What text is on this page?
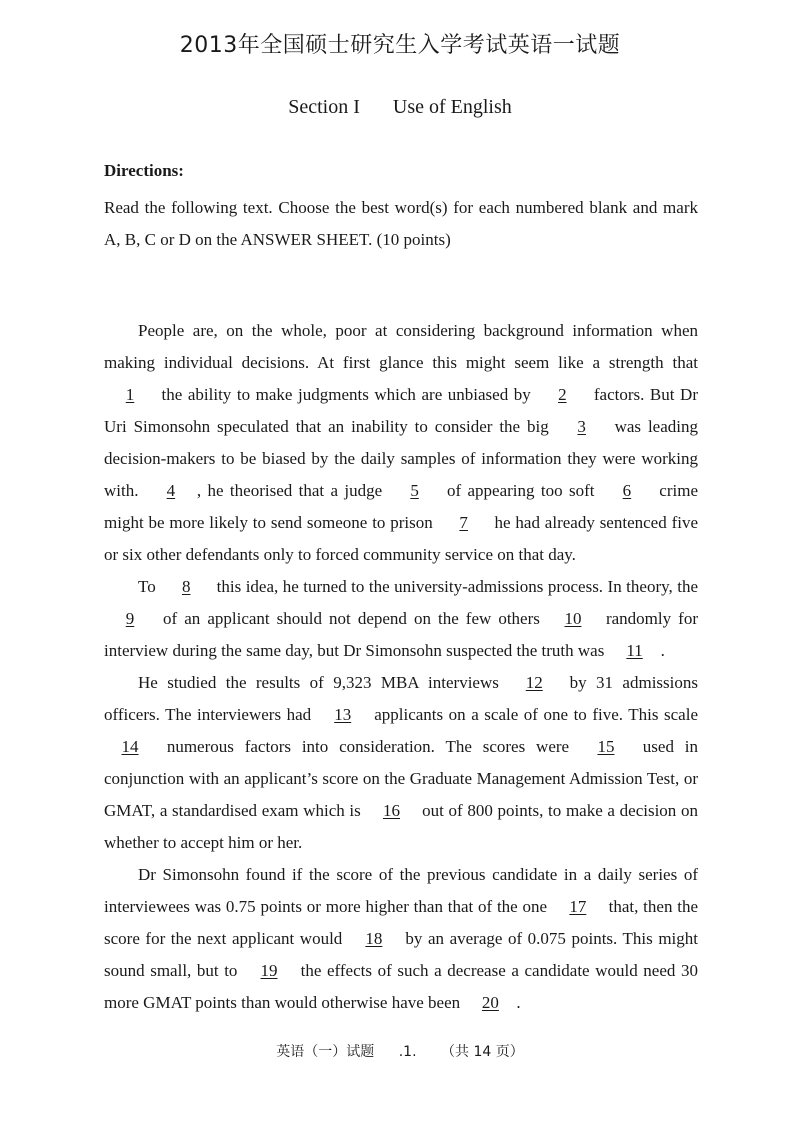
2013年全国硕士研究生入学考试英语一试题
Section I Use of English
Directions:

Read the following text. Choose the best word(s) for each numbered blank and mark A, B, C or D on the ANSWER SHEET. (10 points)

People are, on the whole, poor at considering background information when making individual decisions. At first glance this might seem like a strength that 1 the ability to make judgments which are unbiased by 2 factors. But Dr Uri Simonsohn speculated that an inability to consider the big 3 was leading decision-makers to be biased by the daily samples of information they were working with. 4 , he theorised that a judge 5 of appearing too soft 6 crime might be more likely to send someone to prison 7 he had already sentenced five or six other defendants only to forced community service on that day.

To 8 this idea, he turned to the university-admissions process. In theory, the 9 of an applicant should not depend on the few others 10 randomly for interview during the same day, but Dr Simonsohn suspected the truth was 11 .

He studied the results of 9,323 MBA interviews 12 by 31 admissions officers. The interviewers had 13 applicants on a scale of one to five. This scale 14 numerous factors into consideration. The scores were 15 used in conjunction with an applicant’s score on the Graduate Management Admission Test, or GMAT, a standardised exam which is 16 out of 800 points, to make a decision on whether to accept him or her.

Dr Simonsohn found if the score of the previous candidate in a daily series of interviewees was 0.75 points or more higher than that of the one 17 that, then the score for the next applicant would 18 by an average of 0.075 points. This might sound small, but to 19 the effects of such a decrease a candidate would need 30 more GMAT points than would otherwise have been 20 .

英语（一）试题 .1. （共 14 页）
